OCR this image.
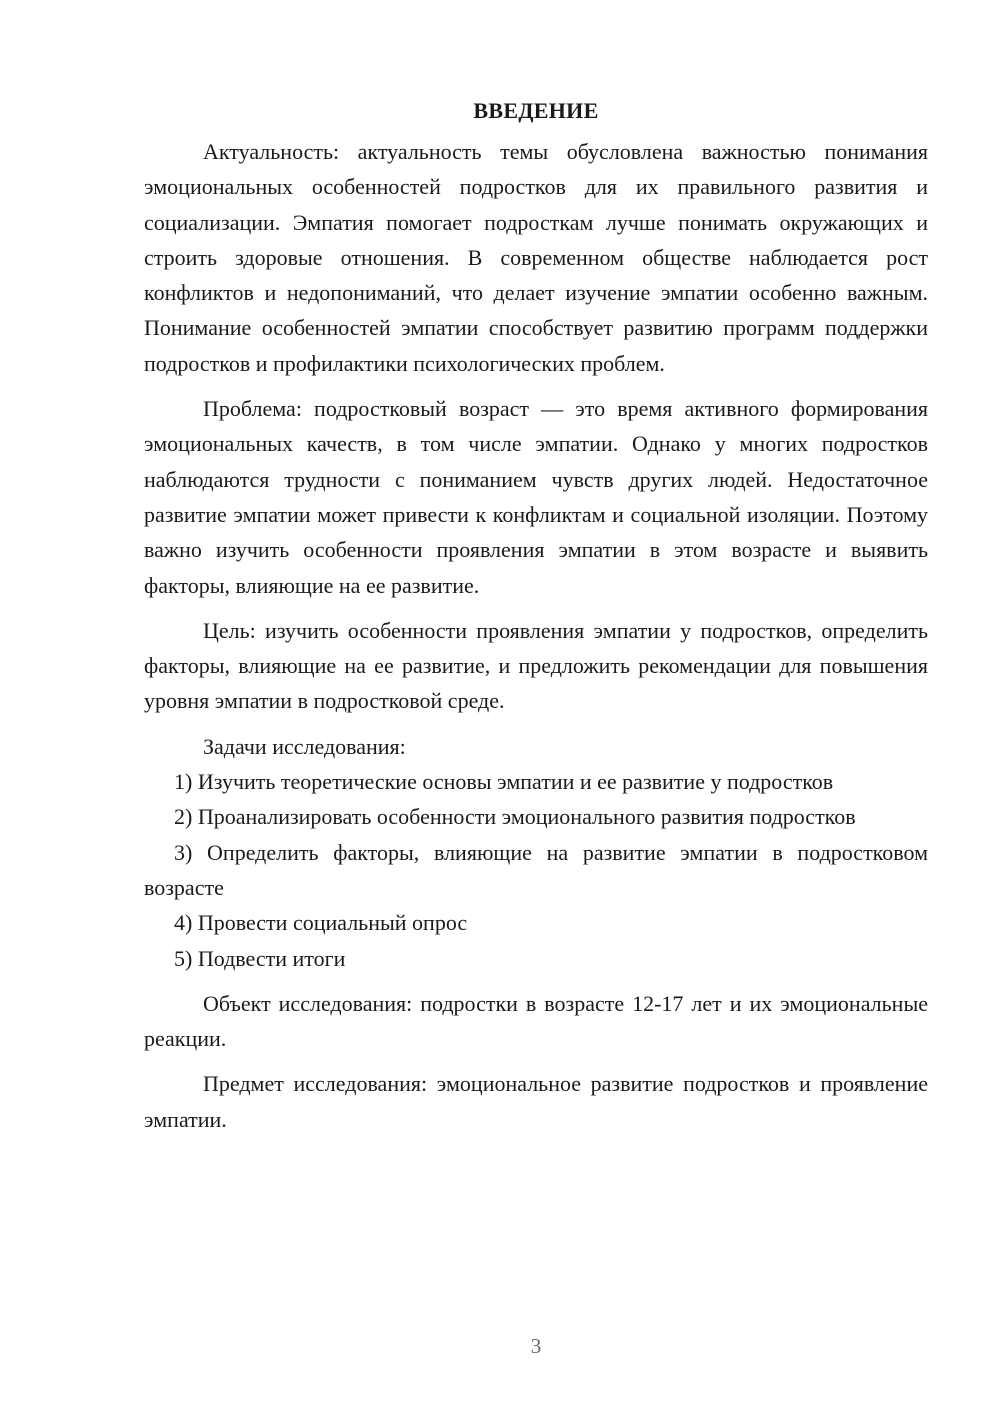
ВВЕДЕНИЕ

Актуальность: актуальность темы обусловлена важностью понимания эмоциональных особенностей подростков для их правильного развития и социализации. Эмпатия помогает подросткам лучше понимать окружающих и строить здоровые отношения. В современном обществе наблюдается рост конфликтов и недопониманий, что делает изучение эмпатии особенно важным. Понимание особенностей эмпатии способствует развитию программ поддержки подростков и профилактики психологических проблем.

Проблема: подростковый возраст — это время активного формирования эмоциональных качеств, в том числе эмпатии. Однако у многих подростков наблюдаются трудности с пониманием чувств других людей. Недостаточное развитие эмпатии может привести к конфликтам и социальной изоляции. Поэтому важно изучить особенности проявления эмпатии в этом возрасте и выявить факторы, влияющие на ее развитие.

Цель: изучить особенности проявления эмпатии у подростков, определить факторы, влияющие на ее развитие, и предложить рекомендации для повышения уровня эмпатии в подростковой среде.

Задачи исследования:

1) Изучить теоретические основы эмпатии и ее развитие у подростков

2) Проанализировать особенности эмоционального развития подростков

3) Определить факторы, влияющие на развитие эмпатии в подростковом возрасте

4) Провести социальный опрос

5) Подвести итоги

Объект исследования: подростки в возрасте 12-17 лет и их эмоциональные реакции.

Предмет исследования: эмоциональное развитие подростков и проявление эмпатии.

3
